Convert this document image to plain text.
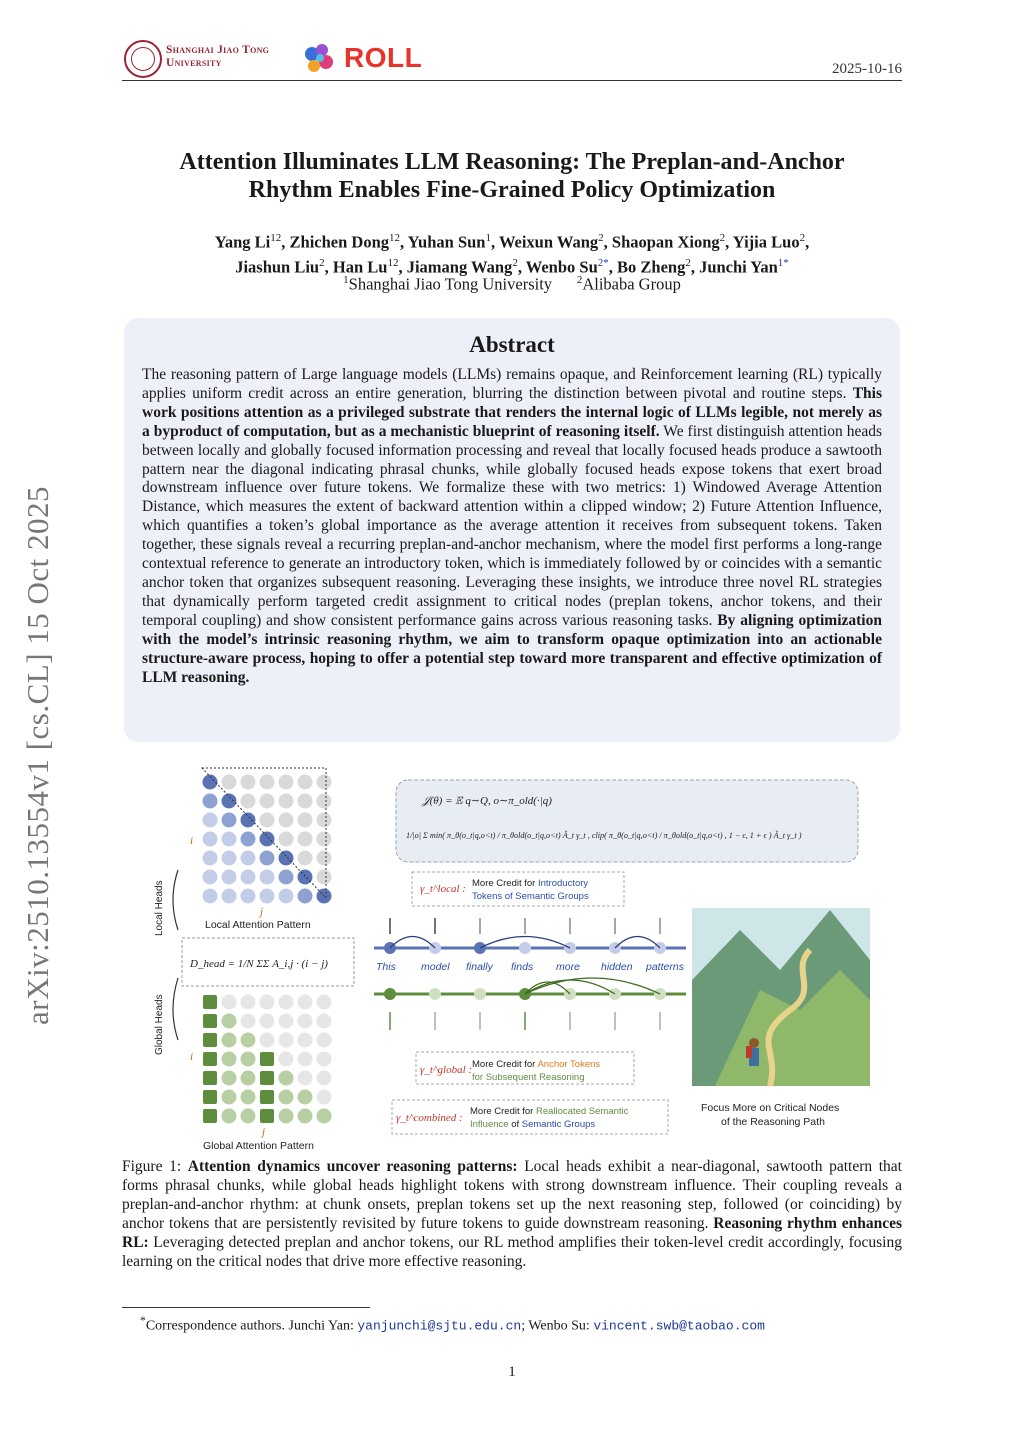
Shanghai Jiao Tong
University	ROLL	2025-10-16
arXiv:2510.13554v1 [cs.CL] 15 Oct 2025
Attention Illuminates LLM Reasoning: The Preplan-and-Anchor
Rhythm Enables Fine-Grained Policy Optimization
Yang Li$^{12}$, Zhichen Dong$^{12}$, Yuhan Sun$^1$, Weixun Wang$^2$, Shaopan Xiong$^2$, Yijia Luo$^2$,
Jiashun Liu$^2$, Han Lu$^{12}$, Jiamang Wang$^2$, Wenbo $Su^{2*}$, Bo Zheng$^2$, Junchi Yan$^{1*}$
$^1$Shanghai Jiao Tong University $^2$Alibaba Group
Abstract
The reasoning pattern of Large language models (LLMs) remains opaque, and Reinforcement learning (RL) typically applies uniform credit across an entire generation, blurring the distinction between pivotal and routine steps. This work positions attention as a privileged substrate that renders the internal logic of LLMs legible, not merely as a byproduct of computation, but as a mechanistic blueprint of reasoning itself. We first distinguish attention heads between locally and globally focused information processing and reveal that locally focused heads produce a sawtooth pattern near the diagonal indicating phrasal chunks, while globally focused heads expose tokens that exert broad downstream influence over future tokens. We formalize these with two metrics: 1) Windowed Average Attention Distance, which measures the extent of backward attention within a clipped window; 2) Future Attention Influence, which quantifies a token’s global importance as the average attention it receives from subsequent tokens. Taken together, these signals reveal a recurring preplan-and-anchor mechanism, where the model first performs a long-range contextual reference to generate an introductory token, which is immediately followed by or coincides with a semantic anchor token that organizes subsequent reasoning. Leveraging these insights, we introduce three novel RL strategies that dynamically perform targeted credit assignment to critical nodes (preplan tokens, anchor tokens, and their temporal coupling) and show consistent performance gains across various reasoning tasks. By aligning optimization with the model’s intrinsic reasoning rhythm, we aim to transform opaque optimization into an actionable structure-aware process, hoping to offer a potential step toward more transparent and effective optimization of LLM reasoning.
Local Heads
Global Heads
i
j
i
j
Local Attention Pattern
Global Attention Pattern
D_head = 1/N ΣΣ A_i,j · (i − j)
𝒥(θ) = 𝔼 q∼Q, o∼π_old(·|q)
1/|o| Σ min( π_θ(o_t|q,o<t) / π_θold(o_t|q,o<t) Â_t γ_t , clip( π_θ(o_t|q,o<t) / π_θold(o_t|q,o<t) , 1 − ϵ, 1 + ϵ ) Â_t γ_t )
γ_t^local : More Credit for Introductory
Tokens of Semantic Groups
This model finally finds more hidden patterns
γ_t^global : More Credit for Anchor Tokens
for Subsequent Reasoning
γ_t^combined :
More Credit for Reallocated Semantic
Influence of Semantic Groups
Focus More on Critical Nodes
of the Reasoning Path
Figure 1: Attention dynamics uncover reasoning patterns: Local heads exhibit a near-diagonal, sawtooth pattern that forms phrasal chunks, while global heads highlight tokens with strong downstream influence. Their coupling reveals a preplan-and-anchor rhythm: at chunk onsets, preplan tokens set up the next reasoning step, followed (or coinciding) by anchor tokens that are persistently revisited by future tokens to guide downstream reasoning. Reasoning rhythm enhances RL: Leveraging detected preplan and anchor tokens, our RL method amplifies their token-level credit accordingly, focusing learning on the critical nodes that drive more effective reasoning.
*Correspondence authors. Junchi Yan: yanjunchi@sjtu.edu.cn; Wenbo Su: vincent.swb@taobao.com
1
